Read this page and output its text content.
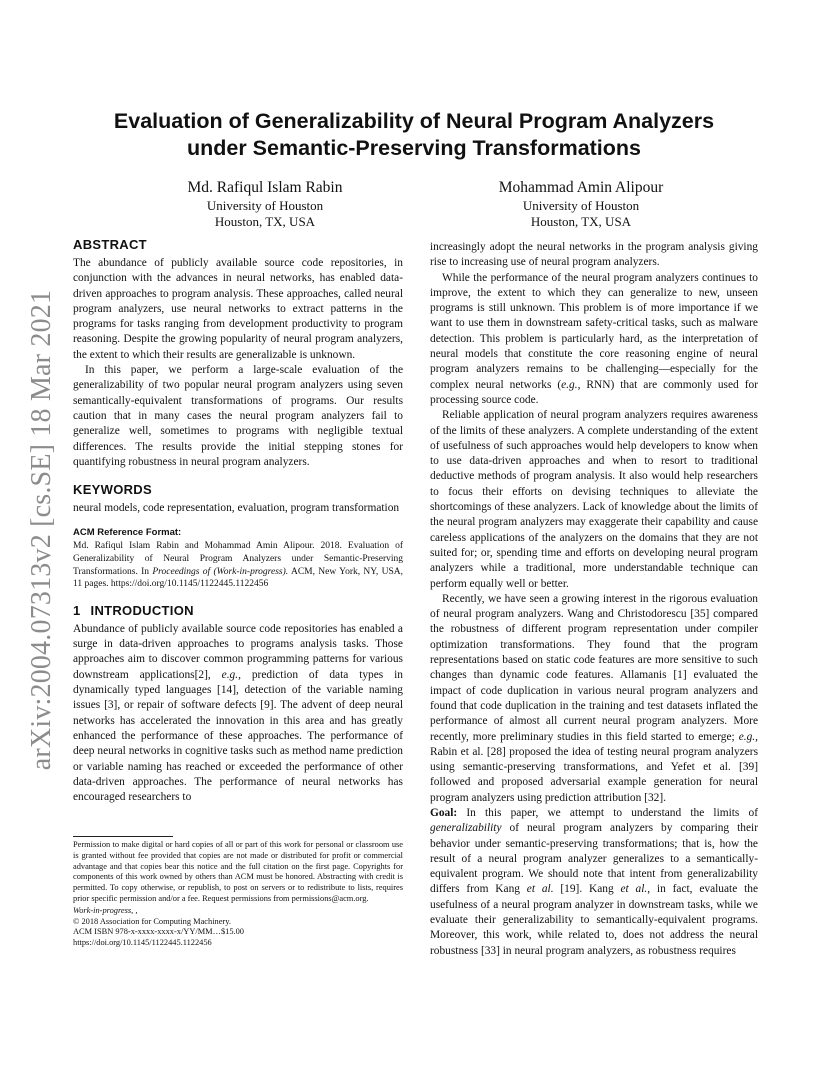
arXiv:2004.07313v2 [cs.SE] 18 Mar 2021
Evaluation of Generalizability of Neural Program Analyzers
under Semantic-Preserving Transformations
Md. Rafiqul Islam Rabin
University of Houston
Houston, TX, USA
Mohammad Amin Alipour
University of Houston
Houston, TX, USA
ABSTRACT

The abundance of publicly available source code repositories, in conjunction with the advances in neural networks, has enabled data-driven approaches to program analysis. These approaches, called neural program analyzers, use neural networks to extract patterns in the programs for tasks ranging from development productivity to program reasoning. Despite the growing popularity of neural program analyzers, the extent to which their results are generalizable is unknown.

In this paper, we perform a large-scale evaluation of the generalizability of two popular neural program analyzers using seven semantically-equivalent transformations of programs. Our results caution that in many cases the neural program analyzers fail to generalize well, sometimes to programs with negligible textual differences. The results provide the initial stepping stones for quantifying robustness in neural program analyzers.

KEYWORDS

neural models, code representation, evaluation, program transformation

ACM Reference Format:
Md. Rafiqul Islam Rabin and Mohammad Amin Alipour. 2018. Evaluation of Generalizability of Neural Program Analyzers under Semantic-Preserving Transformations. In Proceedings of (Work-in-progress). ACM, New York, NY, USA, 11 pages. https://doi.org/10.1145/1122445.1122456
1 INTRODUCTION

Abundance of publicly available source code repositories has enabled a surge in data-driven approaches to programs analysis tasks. Those approaches aim to discover common programming patterns for various downstream applications[2], e.g., prediction of data types in dynamically typed languages [14], detection of the variable naming issues [3], or repair of software defects [9]. The advent of deep neural networks has accelerated the innovation in this area and has greatly enhanced the performance of these approaches. The performance of deep neural networks in cognitive tasks such as method name prediction or variable naming has reached or exceeded the performance of other data-driven approaches. The performance of neural networks has encouraged researchers to

Permission to make digital or hard copies of all or part of this work for personal or classroom use is granted without fee provided that copies are not made or distributed for profit or commercial advantage and that copies bear this notice and the full citation on the first page. Copyrights for components of this work owned by others than ACM must be honored. Abstracting with credit is permitted. To copy otherwise, or republish, to post on servers or to redistribute to lists, requires prior specific permission and/or a fee. Request permissions from permissions@acm.org.

Work-in-progress, ,

© 2018 Association for Computing Machinery.

ACM ISBN 978-x-xxxx-xxxx-x/YY/MM…$15.00

https://doi.org/10.1145/1122445.1122456

increasingly adopt the neural networks in the program analysis giving rise to increasing use of neural program analyzers.

While the performance of the neural program analyzers continues to improve, the extent to which they can generalize to new, unseen programs is still unknown. This problem is of more importance if we want to use them in downstream safety-critical tasks, such as malware detection. This problem is particularly hard, as the interpretation of neural models that constitute the core reasoning engine of neural program analyzers remains to be challenging—especially for the complex neural networks (e.g., RNN) that are commonly used for processing source code.

Reliable application of neural program analyzers requires awareness of the limits of these analyzers. A complete understanding of the extent of usefulness of such approaches would help developers to know when to use data-driven approaches and when to resort to traditional deductive methods of program analysis. It also would help researchers to focus their efforts on devising techniques to alleviate the shortcomings of these analyzers. Lack of knowledge about the limits of the neural program analyzers may exaggerate their capability and cause careless applications of the analyzers on the domains that they are not suited for; or, spending time and efforts on developing neural program analyzers while a traditional, more understandable technique can perform equally well or better.

Recently, we have seen a growing interest in the rigorous evaluation of neural program analyzers. Wang and Christodorescu [35] compared the robustness of different program representation under compiler optimization transformations. They found that the program representations based on static code features are more sensitive to such changes than dynamic code features. Allamanis [1] evaluated the impact of code duplication in various neural program analyzers and found that code duplication in the training and test datasets inflated the performance of almost all current neural program analyzers. More recently, more preliminary studies in this field started to emerge; e.g., Rabin et al. [28] proposed the idea of testing neural program analyzers using semantic-preserving transformations, and Yefet et al. [39] followed and proposed adversarial example generation for neural program analyzers using prediction attribution [32].

Goal: In this paper, we attempt to understand the limits of generalizability of neural program analyzers by comparing their behavior under semantic-preserving transformations; that is, how the result of a neural program analyzer generalizes to a semantically-equivalent program. We should note that intent from generalizability differs from Kang et al. [19]. Kang et al., in fact, evaluate the usefulness of a neural program analyzer in downstream tasks, while we evaluate their generalizability to semantically-equivalent programs. Moreover, this work, while related to, does not address the neural robustness [33] in neural program analyzers, as robustness requires
